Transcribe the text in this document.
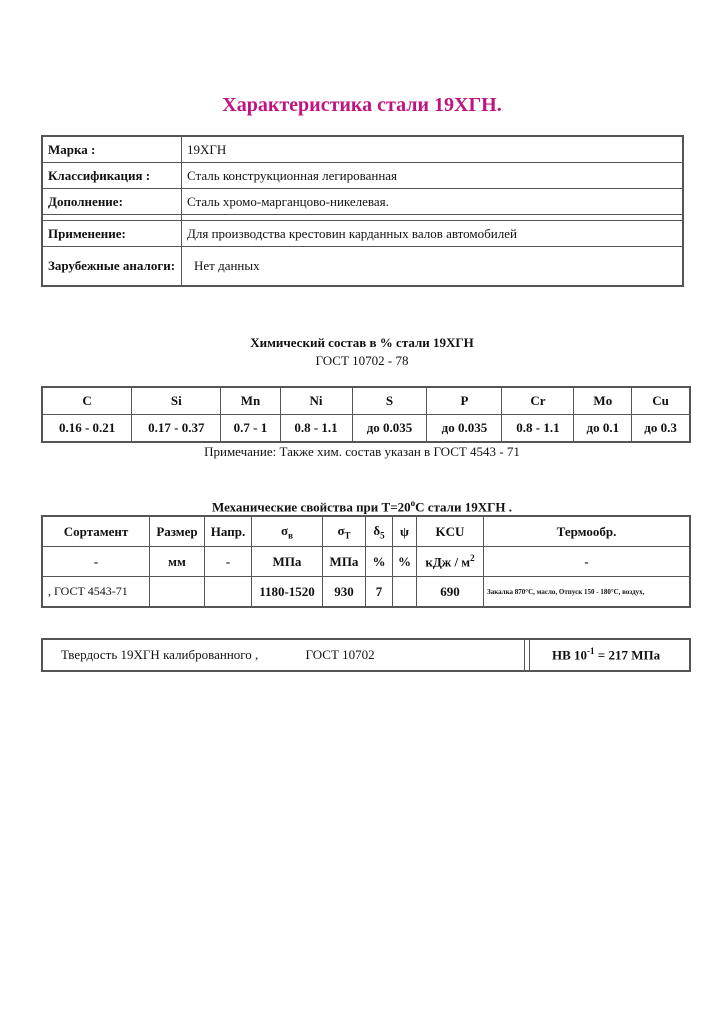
Характеристика стали 19ХГН.
Марка :	19ХГН
Классификация :	Сталь конструкционная легированная
Дополнение:	Сталь хромо-марганцово-никелевая.

Применение:	Для производства крестовин карданных валов автомобилей
Зарубежные аналоги:	Нет данных
Химический состав в % стали 19ХГН
ГОСТ 10702 - 78
C	Si	Mn	Ni	S	P	Cr	Mo	Cu
0.16 - 0.21	0.17 - 0.37	0.7 - 1	0.8 - 1.1	до 0.035	до 0.035	0.8 - 1.1	до 0.1	до 0.3
Примечание: Также хим. состав указан в ГОСТ 4543 - 71
Механические свойства при $Т=20^oC$ стали 19ХГН .
Сортамент	Размер	Напр.	$\sigma_в$	$\sigma_T$	$\delta_5$	ψ	KCU	Термообр.
-	мм	-	МПа	МПа	%	%	кДж / $м^2$	-
, ГОСТ 4543-71			1180-1520	930	7		690	Закалка 870°C, масло, Отпуск 150 - 180°C, воздух,
Твердость 19ХГН калиброванного ,	ГОСТ 10702		HB $10^{-1} = 217$ МПа
